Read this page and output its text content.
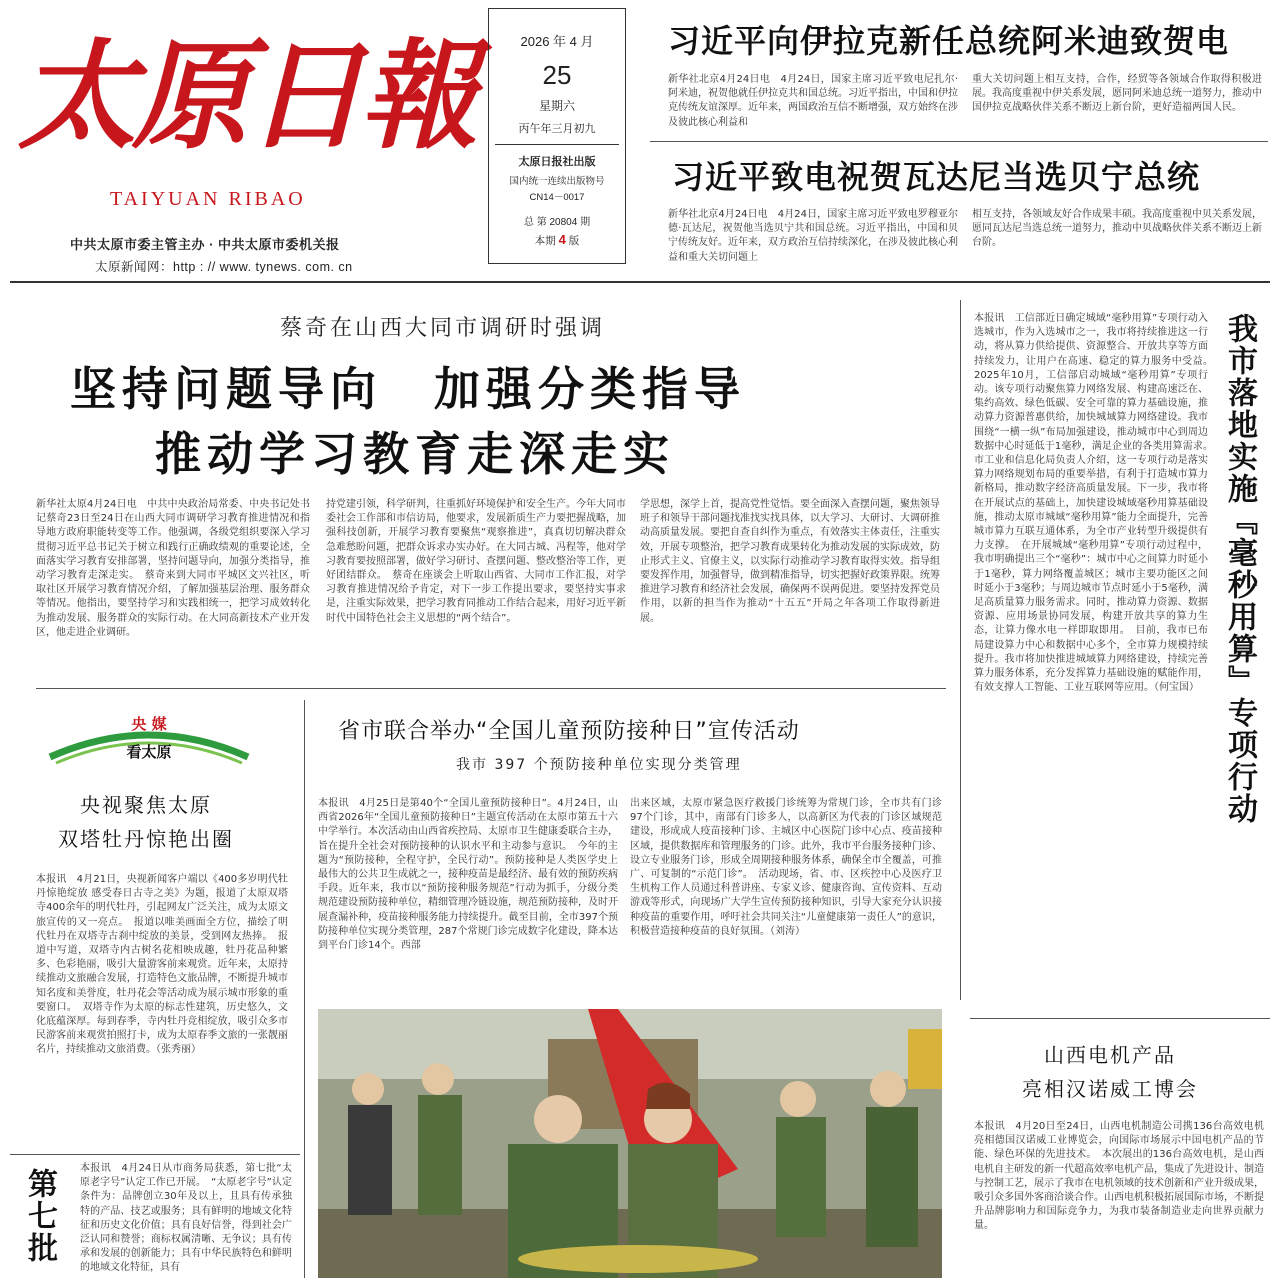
太原日報
TAIYUAN RIBAO
中共太原市委主管主办 · 中共太原市委机关报
太原新闻网：http : // www. tynews. com. cn
2026 年 4 月
25
星期六
丙午年三月初九
太原日报社出版
国内统一连续出版物号
CN14－0017
总 第 20804 期
本期 4 版
习近平向伊拉克新任总统阿米迪致贺电
新华社北京4月24日电　4月24日，国家主席习近平致电尼扎尔·阿米迪，祝贺他就任伊拉克共和国总统。习近平指出，中国和伊拉克传统友谊深厚。近年来，两国政治互信不断增强，双方始终在涉及彼此核心利益和
重大关切问题上相互支持，合作，经贸等各领域合作取得积极进展。我高度重视中伊关系发展，愿同阿米迪总统一道努力，推动中国伊拉克战略伙伴关系不断迈上新台阶，更好造福两国人民。
习近平致电祝贺瓦达尼当选贝宁总统
新华社北京4月24日电　4月24日，国家主席习近平致电罗穆亚尔德·瓦达尼，祝贺他当选贝宁共和国总统。习近平指出，中国和贝宁传统友好。近年来，双方政治互信持续深化，在涉及彼此核心利益和重大关切问题上
相互支持，各领域友好合作成果丰硕。我高度重视中贝关系发展，愿同瓦达尼当选总统一道努力，推动中贝战略伙伴关系不断迈上新台阶。
蔡奇在山西大同市调研时强调
坚持问题导向　加强分类指导
推动学习教育走深走实
新华社太原4月24日电　中共中央政治局常委、中央书记处书记蔡奇23日至24日在山西大同市调研学习教育推进情况和指导地方政府职能转变等工作。他强调，各级党组织要深入学习贯彻习近平总书记关于树立和践行正确政绩观的重要论述，全面落实学习教育安排部署，坚持问题导向，加强分类指导，推动学习教育走深走实。　蔡奇来到大同市平城区文兴社区，听取社区开展学习教育情况介绍，了解加强基层治理、服务群众等情况。他指出，要坚持学习和实践相统一，把学习成效转化为推动发展、服务群众的实际行动。在大同高新技术产业开发区，他走进企业调研。
持党建引领，科学研判，往重抓好环境保护和安全生产。今年大同市委社会工作部和市信访局，他要求，发展新质生产力要把握战略，加强科技创新，开展学习教育要聚焦“观察推进”，真真切切解决群众急难愁盼问题，把群众诉求办实办好。在大同古城、冯程等，他对学习教育要按照部署，做好学习研讨、查摆问题、整改整治等工作，更好团结群众。　蔡奇在座谈会上听取山西省、大同市工作汇报，对学习教育推进情况给予肯定，对下一步工作提出要求，要坚持实事求是，注重实际效果，把学习教育同推动工作结合起来，用好习近平新时代中国特色社会主义思想的“两个结合”。
学思想，深学上首，提高党性觉悟。要全面深入查摆问题，聚焦领导班子和领导干部问题找准找实找具体，以大学习、大研讨、大调研推动高质量发展。要把自查自纠作为重点，有效落实主体责任，注重实效，开展专项整治，把学习教育成果转化为推动发展的实际成效，防止形式主义、官僚主义，以实际行动推动学习教育取得实效。指导组要发挥作用，加强督导，做到精准指导，切实把握好政策界限。统筹推进学习教育和经济社会发展，确保两不误两促进。要坚持发挥党员作用，以新的担当作为推动“十五五”开局之年各项工作取得新进展。
本报讯　工信部近日确定城域“毫秒用算”专项行动入选城市，作为入选城市之一，我市将持续推进这一行动，将从算力供给提供、资源整合、开放共享等方面持续发力，让用户在高速、稳定的算力服务中受益。　2025年10月，工信部启动城域“毫秒用算”专项行动。该专项行动聚焦算力网络发展、构建高速泛在、集约高效、绿色低碳、安全可靠的算力基础设施，推动算力资源普惠供给，加快城域算力网络建设。我市围绕“一横一纵”布局加强建设，推动城市中心到周边数据中心时延低于1毫秒，满足企业的各类用算需求。　市工业和信息化局负责人介绍，这一专项行动是落实算力网络规划布局的重要举措，有利于打造城市算力新格局，推动数字经济高质量发展。下一步，我市将在开展试点的基础上，加快建设城域毫秒用算基础设施，推动太原市城域“毫秒用算”能力全面提升，完善城市算力互联互通体系，为全市产业转型升级提供有力支撑。　在开展城域“毫秒用算”专项行动过程中，我市明确提出三个“毫秒”：城市中心之间算力时延小于1毫秒，算力网络覆盖城区；城市主要功能区之间时延小于3毫秒；与周边城市节点时延小于5毫秒，满足高质量算力服务需求。同时，推动算力资源、数据资源、应用场景协同发展，构建开放共享的算力生态，让算力像水电一样即取即用。　目前，我市已布局建设算力中心和数据中心多个，全市算力规模持续提升。我市将加快推进城域算力网络建设，持续完善算力服务体系，充分发挥算力基础设施的赋能作用，有效支撑人工智能、工业互联网等应用。（何宝国） 我市落地实施『毫秒用算』专项行动
央 媒
看太原
央视聚焦太原
双塔牡丹惊艳出圈
本报讯　4月21日，央视新闻客户端以《400多岁明代牡丹惊艳绽放 感受春日古寺之美》为题，报道了太原双塔寺400余年的明代牡丹，引起网友广泛关注，成为太原文旅宣传的又一亮点。　报道以唯美画面全方位，描绘了明代牡丹在双塔寺古刹中绽放的美景，受到网友热捧。　报道中写道，双塔寺内古树名花相映成趣，牡丹花品种繁多、色彩艳丽，吸引大量游客前来观赏。近年来，太原持续推动文旅融合发展，打造特色文旅品牌，不断提升城市知名度和美誉度，牡丹花会等活动成为展示城市形象的重要窗口。　双塔寺作为太原的标志性建筑，历史悠久，文化底蕴深厚。每到春季，寺内牡丹竞相绽放，吸引众多市民游客前来观赏拍照打卡，成为太原春季文旅的一张靓丽名片，持续推动文旅消费。（张秀丽）
第七批 本报讯　4月24日从市商务局获悉，第七批“太原老字号”认定工作已开展。　“太原老字号”认定条件为：品牌创立30年及以上，且具有传承独特的产品、技艺或服务；具有鲜明的地域文化特征和历史文化价值；具有良好信誉，得到社会广泛认同和赞誉；商标权属清晰、无争议；具有传承和发展的创新能力；具有中华民族特色和鲜明的地域文化特征，具有
省市联合举办“全国儿童预防接种日”宣传活动
我市 397 个预防接种单位实现分类管理
本报讯　4月25日是第40个“全国儿童预防接种日”。4月24日，山西省2026年“全国儿童预防接种日”主题宣传活动在太原市第五十六中学举行。本次活动由山西省疾控局、太原市卫生健康委联合主办，旨在提升全社会对预防接种的认识水平和主动参与意识。　今年的主题为“预防接种，全程守护，全民行动”。预防接种是人类医学史上最伟大的公共卫生成就之一，接种疫苗是最经济、最有效的预防疾病手段。近年来，我市以“预防接种服务规范”行动为抓手，分级分类规范建设预防接种单位，精细管理冷链设施，规范预防接种，及时开展查漏补种，疫苗接种服务能力持续提升。截至目前，全市397个预防接种单位实现分类管理，287个常规门诊完成数字化建设，降本达到平台门诊14个。西部
出来区域，太原市紧急医疗救援门诊统筹为常规门诊，全市共有门诊97个门诊，其中，南部有门诊多人，以高新区为代表的门诊区域规范建设，形成成人疫苗接种门诊、主城区中心医院门诊中心点、疫苗接种区域，提供数据库和管理服务的门诊。此外，我市平台服务接种门诊、设立专业服务门诊，形成全周期接种服务体系，确保全市全覆盖，可推广、可复制的“示范门诊”。　活动现场，省、市、区疾控中心及医疗卫生机构工作人员通过科普讲座、专家义诊、健康咨询、宣传资料、互动游戏等形式，向现场广大学生宣传预防接种知识，引导大家充分认识接种疫苗的重要作用，呼吁社会共同关注“儿童健康第一责任人”的意识，积极营造接种疫苗的良好氛围。（刘涛）
山西电机产品
亮相汉诺威工博会
本报讯　4月20日至24日，山西电机制造公司携136台高效电机亮相德国汉诺威工业博览会，向国际市场展示中国电机产品的节能、绿色环保的先进技术。　本次展出的136台高效电机，是山西电机自主研发的新一代超高效率电机产品，集成了先进设计、制造与控制工艺，展示了我市在电机领域的技术创新和产业升级成果，吸引众多国外客商洽谈合作。山西电机积极拓展国际市场，不断提升品牌影响力和国际竞争力，为我市装备制造业走向世界贡献力量。
